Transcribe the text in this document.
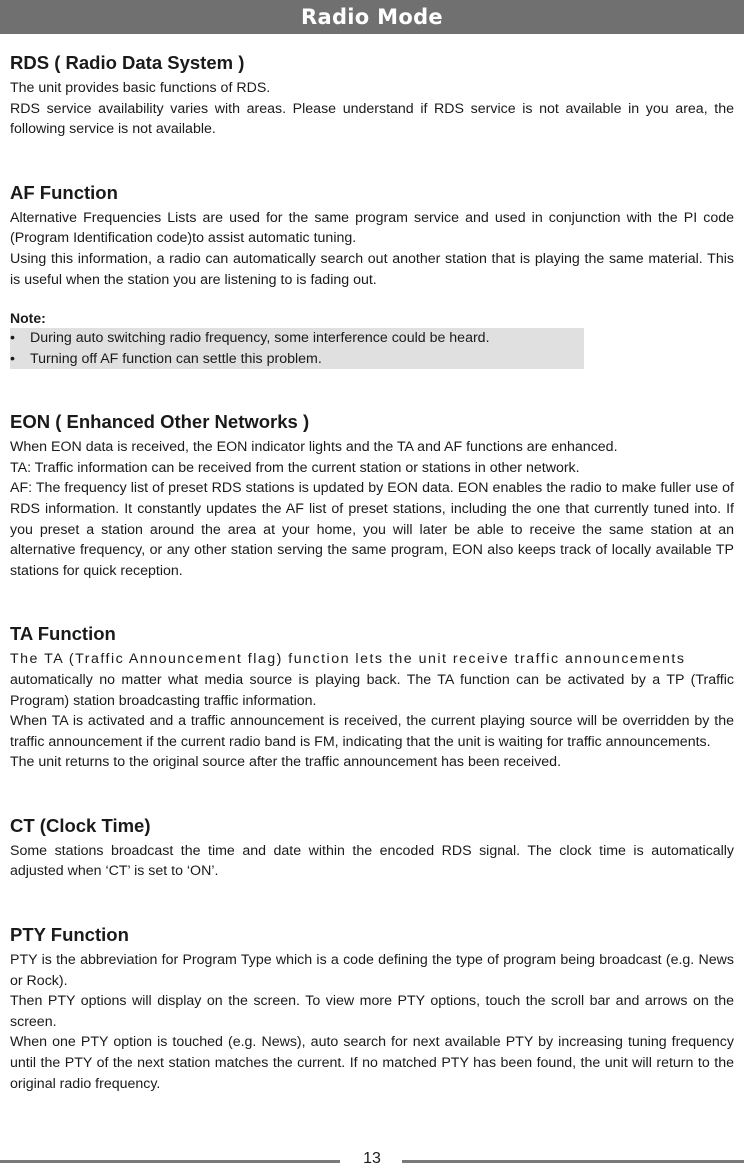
Radio Mode
RDS ( Radio Data System )

The unit provides basic functions of RDS.

RDS service availability varies with areas. Please understand if RDS service is not available in you area, the following service is not available.

AF Function

Alternative Frequencies Lists are used for the same program service and used in conjunction with the PI code (Program Identification code)to assist automatic tuning.

Using this information, a radio can automatically search out another station that is playing the same material. This is useful when the station you are listening to is fading out.

Note:

• During auto switching radio frequency, some interference could be heard.
• Turning off AF function can settle this problem.
EON ( Enhanced Other Networks )

When EON data is received, the EON indicator lights and the TA and AF functions are enhanced.

TA: Traffic information can be received from the current station or stations in other network.

AF: The frequency list of preset RDS stations is updated by EON data. EON enables the radio to make fuller use of RDS information. It constantly updates the AF list of preset stations, including the one that currently tuned into. If you preset a station around the area at your home, you will later be able to receive the same station at an alternative frequency, or any other station serving the same program, EON also keeps track of locally available TP stations for quick reception.

TA Function

The TA (Traffic Announcement flag) function lets the unit receive traffic announcements

automatically no matter what media source is playing back. The TA function can be activated by a TP (Traffic Program) station broadcasting traffic information.

When TA is activated and a traffic announcement is received, the current playing source will be overridden by the traffic announcement if the current radio band is FM, indicating that the unit is waiting for traffic announcements.

The unit returns to the original source after the traffic announcement has been received.

CT (Clock Time)

Some stations broadcast the time and date within the encoded RDS signal. The clock time is automatically adjusted when ‘CT’ is set to ‘ON’.

PTY Function

PTY is the abbreviation for Program Type which is a code defining the type of program being broadcast (e.g. News or Rock).

Then PTY options will display on the screen. To view more PTY options, touch the scroll bar and arrows on the screen.

When one PTY option is touched (e.g. News), auto search for next available PTY by increasing tuning frequency until the PTY of the next station matches the current. If no matched PTY has been found, the unit will return to the original radio frequency.

13
